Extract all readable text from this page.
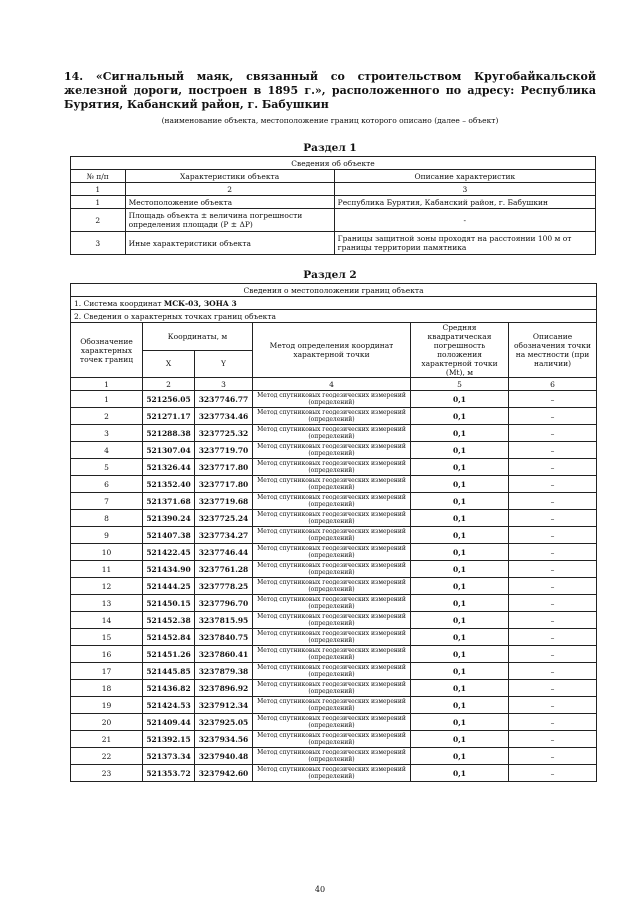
14. «Сигнальный маяк, связанный со строительством Кругобайкальской железной дороги, построен в 1895 г.», расположенного по адресу: Республика Бурятия, Кабанский район, г. Бабушкин
(наименование объекта, местоположение границ которого описано (далее – объект)
Раздел 1
Сведения об объекте		
№ п/п	Характеристики объекта	Описание характеристик
1	2	3
1	Местоположение объекта	Республика Бурятия, Кабанский район, г. Бабушкин
2	Площадь объекта ± величина погрешности определения площади (P ± ΔP)	-
3	Иные характеристики объекта	Границы защитной зоны проходят на расстоянии 100 м от границы территории памятника
Раздел 2
Сведения о местоположении границ объекта					
1. Система координат МСК-03, ЗОНА 3					
2. Сведения о характерных точках границ объекта					
Обозначение характерных точек границ	Координаты, м		Метод определения координат характерной точки	Средняя квадратическая погрешность положения характерной точки (Mt), м	Описание обозначения точки на местности (при наличии)
	X	Y			
1	2	3	4	5	6
1	521256.05	3237746.77	Метод спутниковых геодезических измерений (определений)	0,1	–
2	521271.17	3237734.46	Метод спутниковых геодезических измерений (определений)	0,1	–
3	521288.38	3237725.32	Метод спутниковых геодезических измерений (определений)	0,1	–
4	521307.04	3237719.70	Метод спутниковых геодезических измерений (определений)	0,1	–
5	521326.44	3237717.80	Метод спутниковых геодезических измерений (определений)	0,1	–
6	521352.40	3237717.80	Метод спутниковых геодезических измерений (определений)	0,1	–
7	521371.68	3237719.68	Метод спутниковых геодезических измерений (определений)	0,1	–
8	521390.24	3237725.24	Метод спутниковых геодезических измерений (определений)	0,1	–
9	521407.38	3237734.27	Метод спутниковых геодезических измерений (определений)	0,1	–
10	521422.45	3237746.44	Метод спутниковых геодезических измерений (определений)	0,1	–
11	521434.90	3237761.28	Метод спутниковых геодезических измерений (определений)	0,1	–
12	521444.25	3237778.25	Метод спутниковых геодезических измерений (определений)	0,1	–
13	521450.15	3237796.70	Метод спутниковых геодезических измерений (определений)	0,1	–
14	521452.38	3237815.95	Метод спутниковых геодезических измерений (определений)	0,1	–
15	521452.84	3237840.75	Метод спутниковых геодезических измерений (определений)	0,1	–
16	521451.26	3237860.41	Метод спутниковых геодезических измерений (определений)	0,1	–
17	521445.85	3237879.38	Метод спутниковых геодезических измерений (определений)	0,1	–
18	521436.82	3237896.92	Метод спутниковых геодезических измерений (определений)	0,1	–
19	521424.53	3237912.34	Метод спутниковых геодезических измерений (определений)	0,1	–
20	521409.44	3237925.05	Метод спутниковых геодезических измерений (определений)	0,1	–
21	521392.15	3237934.56	Метод спутниковых геодезических измерений (определений)	0,1	–
22	521373.34	3237940.48	Метод спутниковых геодезических измерений (определений)	0,1	–
23	521353.72	3237942.60	Метод спутниковых геодезических измерений (определений)	0,1	–
40
